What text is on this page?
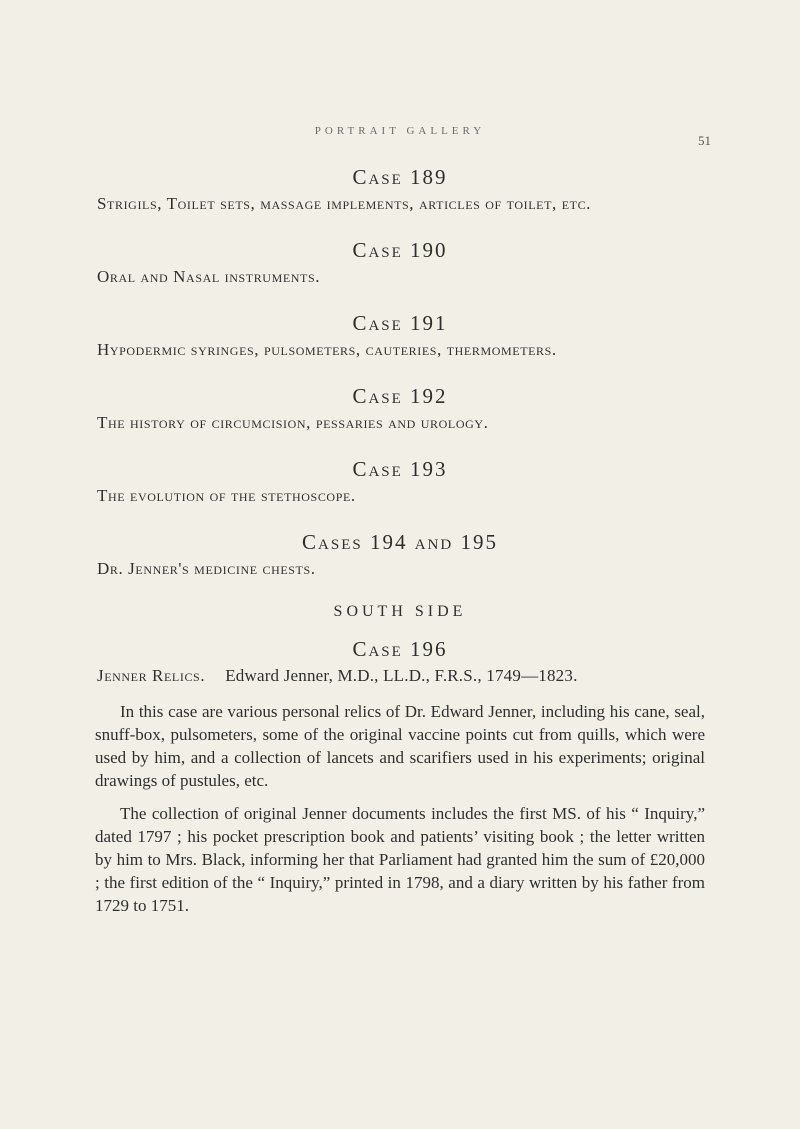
PORTRAIT GALLERY
51
Case 189

Strigils, Toilet sets, massage implements, articles of toilet, etc.

Case 190

Oral and Nasal instruments.

Case 191

Hypodermic syringes, pulsometers, cauteries, thermometers.

Case 192

The history of circumcision, pessaries and urology.

Case 193

The evolution of the stethoscope.

Cases 194 and 195

Dr. Jenner's medicine chests.

SOUTH SIDE
Case 196

Jenner Relics. Edward Jenner, M.D., LL.D., F.R.S., 1749—1823.

In this case are various personal relics of Dr. Edward Jenner, including his cane, seal, snuff-box, pulsometers, some of the original vaccine points cut from quills, which were used by him, and a collection of lancets and scarifiers used in his experiments; original drawings of pustules, etc.

The collection of original Jenner documents includes the first MS. of his “ Inquiry,” dated 1797 ; his pocket prescription book and patients’ visiting book ; the letter written by him to Mrs. Black, informing her that Parliament had granted him the sum of £20,000 ; the first edition of the “ Inquiry,” printed in 1798, and a diary written by his father from 1729 to 1751.
